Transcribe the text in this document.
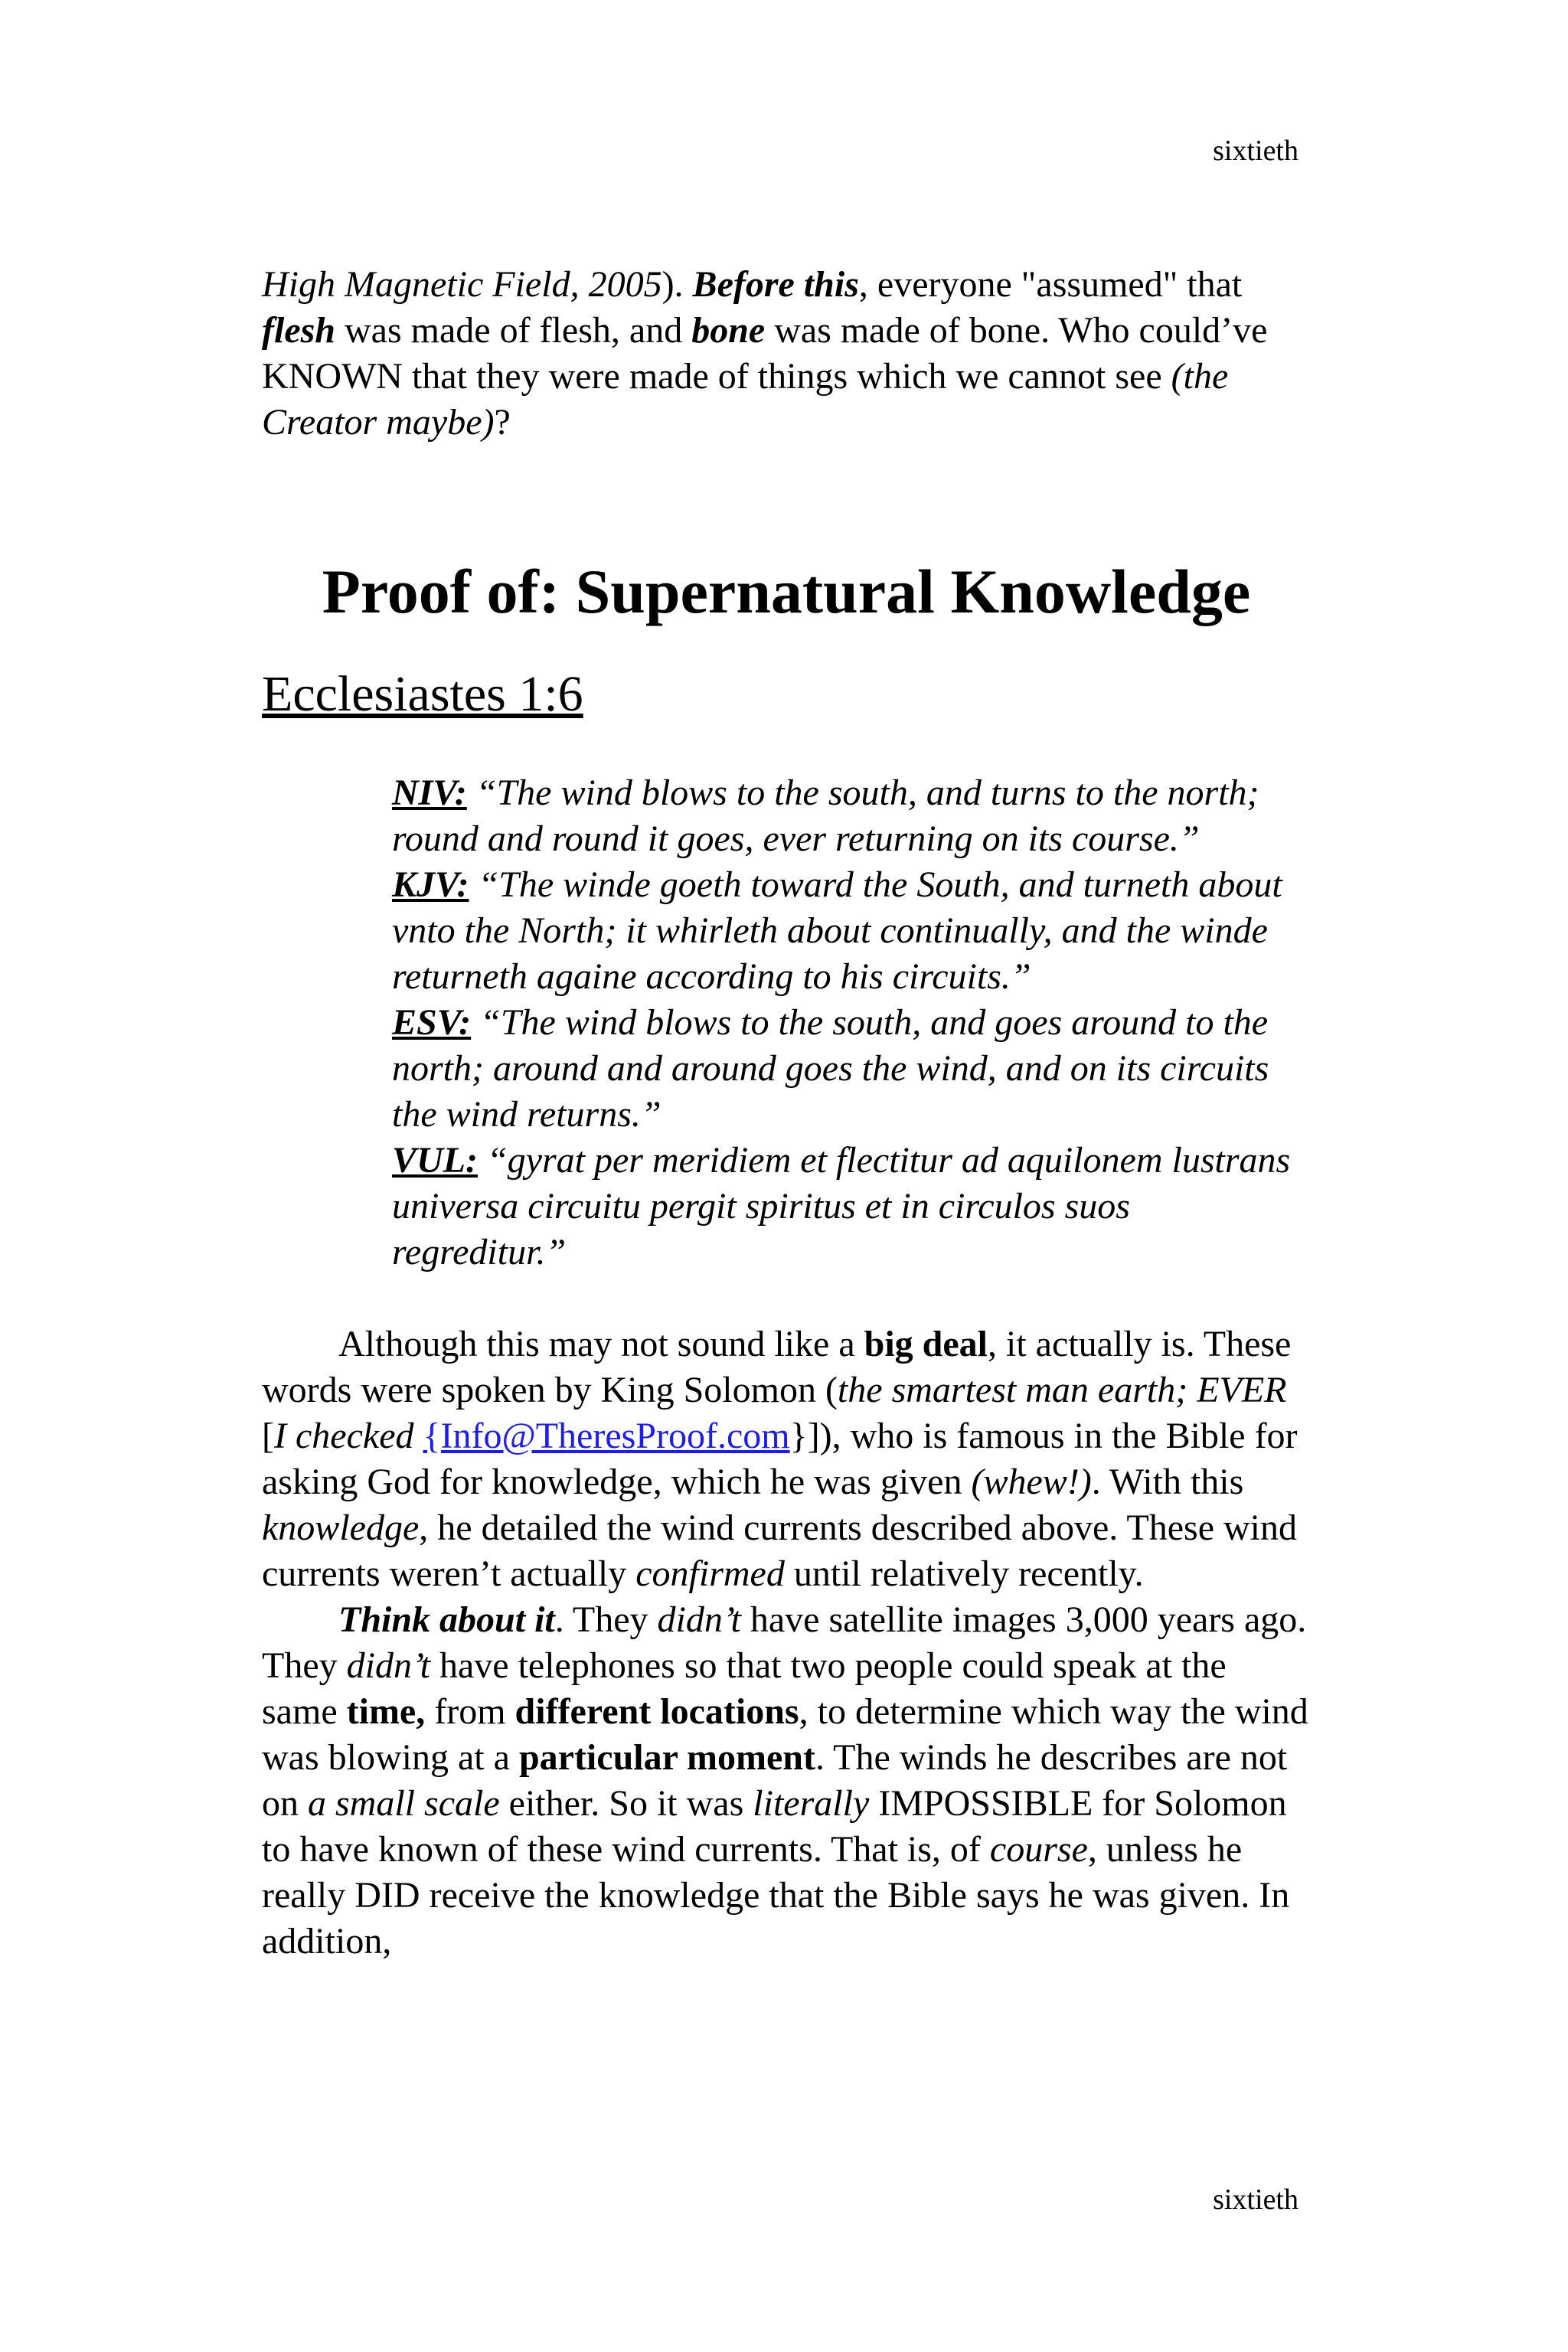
sixtieth

High Magnetic Field, 2005). Before this, everyone "assumed" that flesh was made of flesh, and bone was made of bone. Who could’ve KNOWN that they were made of things which we cannot see (the Creator maybe)?

Proof of: Supernatural Knowledge
Ecclesiastes 1:6
NIV: “The wind blows to the south, and turns to the north; round and round it goes, ever returning on its course.”
KJV: “The winde goeth toward the South, and turneth about vnto the North; it whirleth about continually, and the winde returneth againe according to his circuits.”
ESV: “The wind blows to the south, and goes around to the north; around and around goes the wind, and on its circuits the wind returns.”
VUL: “gyrat per meridiem et flectitur ad aquilonem lustrans universa circuitu pergit spiritus et in circulos suos regreditur.”

Although this may not sound like a big deal, it actually is. These words were spoken by King Solomon (the smartest man earth; EVER [I checked {Info@TheresProof.com}]), who is famous in the Bible for asking God for knowledge, which he was given (whew!). With this knowledge, he detailed the wind currents described above. These wind currents weren’t actually confirmed until relatively recently.

Think about it. They didn’t have satellite images 3,000 years ago. They didn’t have telephones so that two people could speak at the same time, from different locations, to determine which way the wind was blowing at a particular moment. The winds he describes are not on a small scale either. So it was literally IMPOSSIBLE for Solomon to have known of these wind currents. That is, of course, unless he really DID receive the knowledge that the Bible says he was given. In addition,

sixtieth
